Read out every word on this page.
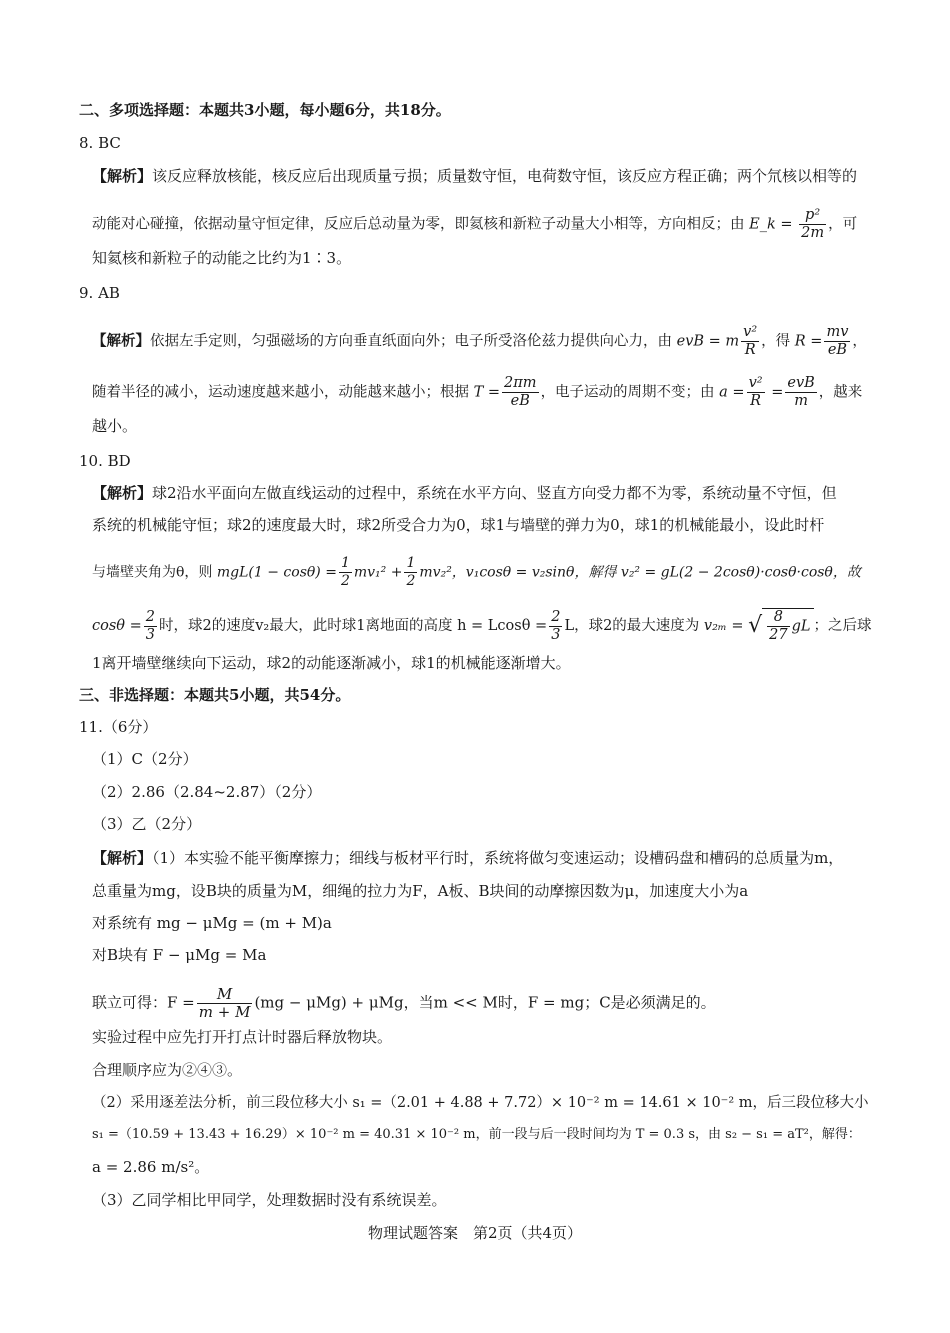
二、多项选择题：本题共3小题，每小题6分，共18分。
8. BC
【解析】该反应释放核能，核反应后出现质量亏损；质量数守恒，电荷数守恒，该反应方程正确；两个氘核以相等的
动能对心碰撞，依据动量守恒定律，反应后总动量为零，即氦核和新粒子动量大小相等，方向相反；由 E_k = $\frac{\text{p²}}{2m}$ ，可
知氦核和新粒子的动能之比约为1∶3。
9. AB
【解析】依据左手定则，匀强磁场的方向垂直纸面向外；电子所受洛伦兹力提供向心力，由 evB = m $\frac{\text{v²}}{R}$ ，得 $R = \frac{mv}{eB}$ ，
随着半径的减小，运动速度越来越小，动能越来越小；根据 $T = \frac{2\pi m}{eB}$ ，电子运动的周期不变；由 $a = \frac{\text{v²}}{R} = \frac{\text{evB}}{m}$ ，越来
越小。
10. BD
【解析】球2沿水平面向左做直线运动的过程中，系统在水平方向、竖直方向受力都不为零，系统动量不守恒，但
系统的机械能守恒；球2的速度最大时，球2所受合力为0，球1与墙壁的弹力为0，球1的机械能最小，设此时杆
与墙壁夹角为θ，则 $mgL(1 - \cos\theta) = \frac{1}{2} mv_1^2 + \frac{1}{2} mv_2^2$，v₁cosθ = v₂sinθ，解得 v₂² = gL(2 − 2cosθ)·cosθ·cosθ，故
$\cos\theta = \frac{2}{3}$ 时，球2的速度v₂最大，此时球1离地面的高度 $h = Lcos\theta = \frac{2}{3}$ L，球2的最大速度为 v₂ₘ =
√ $\frac{8}{27}$ gL ；之后球
1离开墙壁继续向下运动，球2的动能逐渐减小，球1的机械能逐渐增大。
三、非选择题：本题共5小题，共54分。
11.（6分）
（1）C（2分）
（2）2.86（2.84~2.87）（2分）
（3）乙（2分）
【解析】（1）本实验不能平衡摩擦力；细线与板材平行时，系统将做匀变速运动；设槽码盘和槽码的总质量为m，
总重量为mg，设B块的质量为M，细绳的拉力为F，A板、B块间的动摩擦因数为μ，加速度大小为a
对系统有 mg − μMg = (m + M)a
对B块有 F − μMg = Ma
联立可得：$F = \frac{M}{m + M} (mg - \mu Mg) + \mu Mg$，当m << M时，F = mg；C是必须满足的。
实验过程中应先打开打点计时器后释放物块。
合理顺序应为②④③。
（2）采用逐差法分析，前三段位移大小 s₁ =（2.01 + 4.88 + 7.72）× 10⁻² m = 14.61 × 10⁻² m，后三段位移大小
s₁ =（10.59 + 13.43 + 16.29）× 10⁻² m = 40.31 × 10⁻² m，前一段与后一段时间均为 T = 0.3 s，由 s₂ − s₁ = aT²，解得：
a = 2.86 m/s²。
（3）乙同学相比甲同学，处理数据时没有系统误差。
物理试题答案　第2页（共4页）
